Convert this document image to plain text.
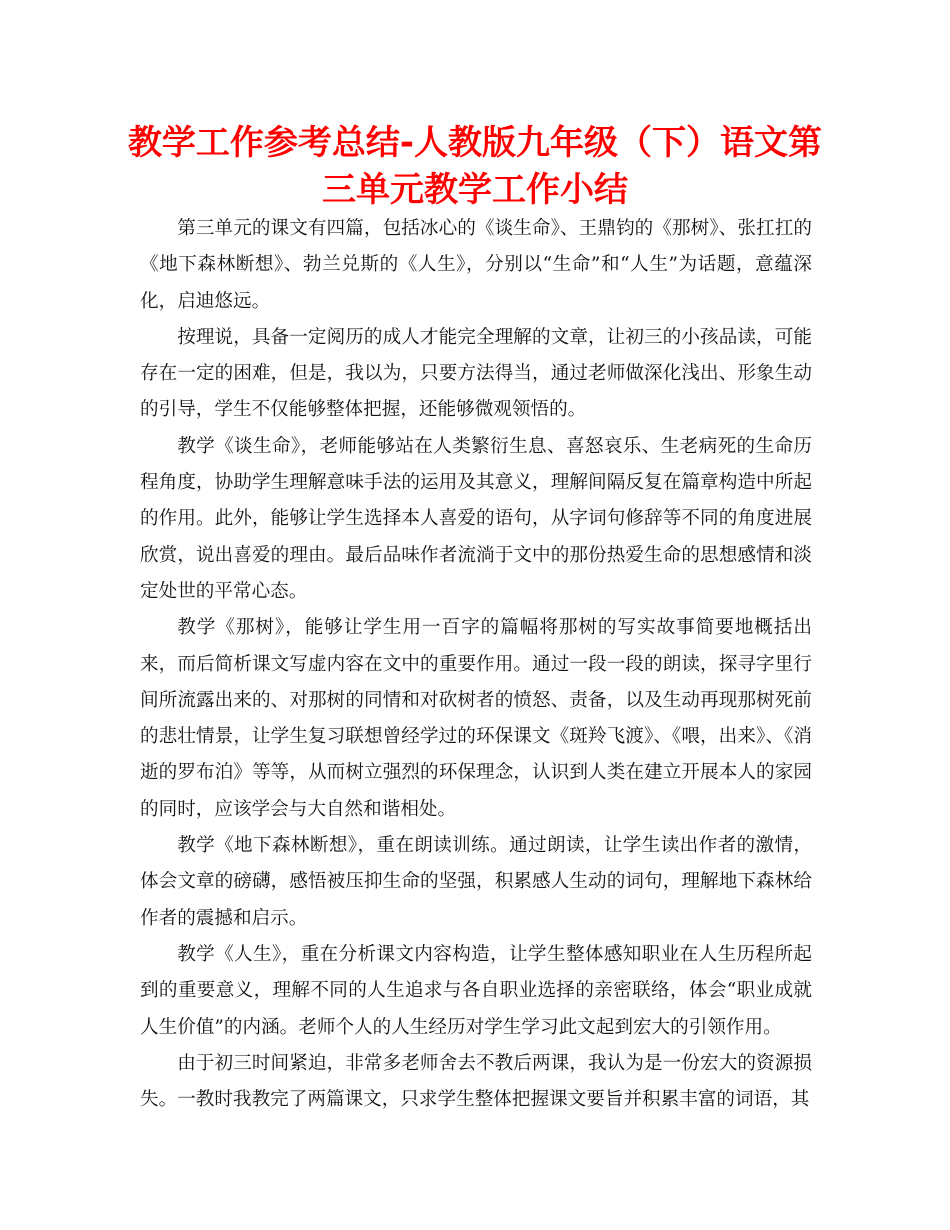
教学工作参考总结-人教版九年级（下）语文第三单元教学工作小结

第三单元的课文有四篇，包括冰心的《谈生命》、王鼎钧的《那树》、张扛扛的《地下森林断想》、勃兰兑斯的《人生》，分别以“生命”和“人生”为话题，意蕴深化，启迪悠远。

按理说，具备一定阅历的成人才能完全理解的文章，让初三的小孩品读，可能存在一定的困难，但是，我以为，只要方法得当，通过老师做深化浅出、形象生动的引导，学生不仅能够整体把握，还能够微观领悟的。

教学《谈生命》，老师能够站在人类繁衍生息、喜怒哀乐、生老病死的生命历程角度，协助学生理解意味手法的运用及其意义，理解间隔反复在篇章构造中所起的作用。此外，能够让学生选择本人喜爱的语句，从字词句修辞等不同的角度进展欣赏，说出喜爱的理由。最后品味作者流淌于文中的那份热爱生命的思想感情和淡定处世的平常心态。

教学《那树》，能够让学生用一百字的篇幅将那树的写实故事简要地概括出来，而后简析课文写虚内容在文中的重要作用。通过一段一段的朗读，探寻字里行间所流露出来的、对那树的同情和对砍树者的愤怒、责备，以及生动再现那树死前的悲壮情景，让学生复习联想曾经学过的环保课文《斑羚飞渡》、《喂，出来》、《消逝的罗布泊》等等，从而树立强烈的环保理念，认识到人类在建立开展本人的家园的同时，应该学会与大自然和谐相处。

教学《地下森林断想》，重在朗读训练。通过朗读，让学生读出作者的激情，体会文章的磅礴，感悟被压抑生命的坚强，积累感人生动的词句，理解地下森林给作者的震撼和启示。

教学《人生》，重在分析课文内容构造，让学生整体感知职业在人生历程所起到的重要意义，理解不同的人生追求与各自职业选择的亲密联络，体会“职业成就人生价值”的内涵。老师个人的人生经历对学生学习此文起到宏大的引领作用。

由于初三时间紧迫，非常多老师舍去不教后两课，我认为是一份宏大的资源损失。一教时我教完了两篇课文，只求学生整体把握课文要旨并积累丰富的词语，其
